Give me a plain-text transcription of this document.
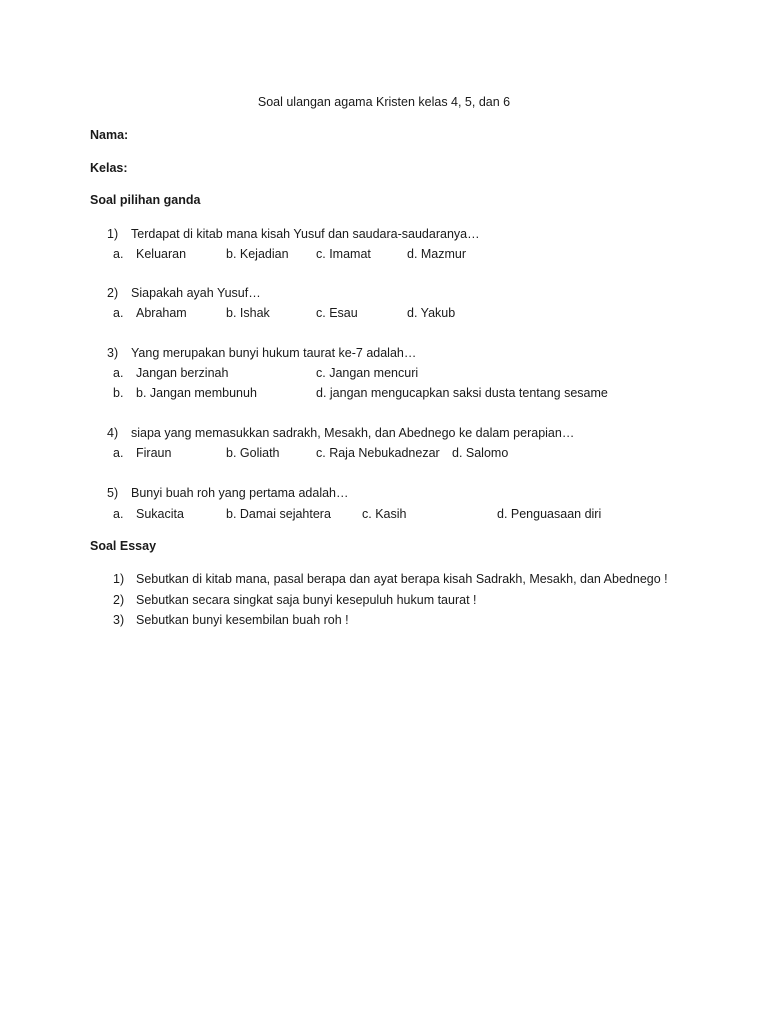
Soal ulangan agama Kristen kelas 4, 5, dan 6
Nama:
Kelas:
Soal pilihan ganda
1) Terdapat di kitab mana kisah Yusuf dan saudara-saudaranya…
a. Keluaran	b. Kejadian c. Imamat	d. Mazmur
2) Siapakah ayah Yusuf…
a. Abraham	b. Ishak	c. Esau	d. Yakub
3) Yang merupakan bunyi hukum taurat ke-7 adalah…
a. Jangan berzinah	c. Jangan mencuri
b. b. Jangan membunuh	d. jangan mengucapkan saksi dusta tentang sesame
4) siapa yang memasukkan sadrakh, Mesakh, dan Abednego ke dalam perapian…
a. Firaun	b. Goliath	c. Raja Nebukadnezar d. Salomo
5) Bunyi buah roh yang pertama adalah…
a. Sukacita	b. Damai sejahtera c. Kasih	d. Penguasaan diri
Soal Essay
1) Sebutkan di kitab mana, pasal berapa dan ayat berapa kisah Sadrakh, Mesakh, dan Abednego !
2) Sebutkan secara singkat saja bunyi kesepuluh hukum taurat !
3) Sebutkan bunyi kesembilan buah roh !
